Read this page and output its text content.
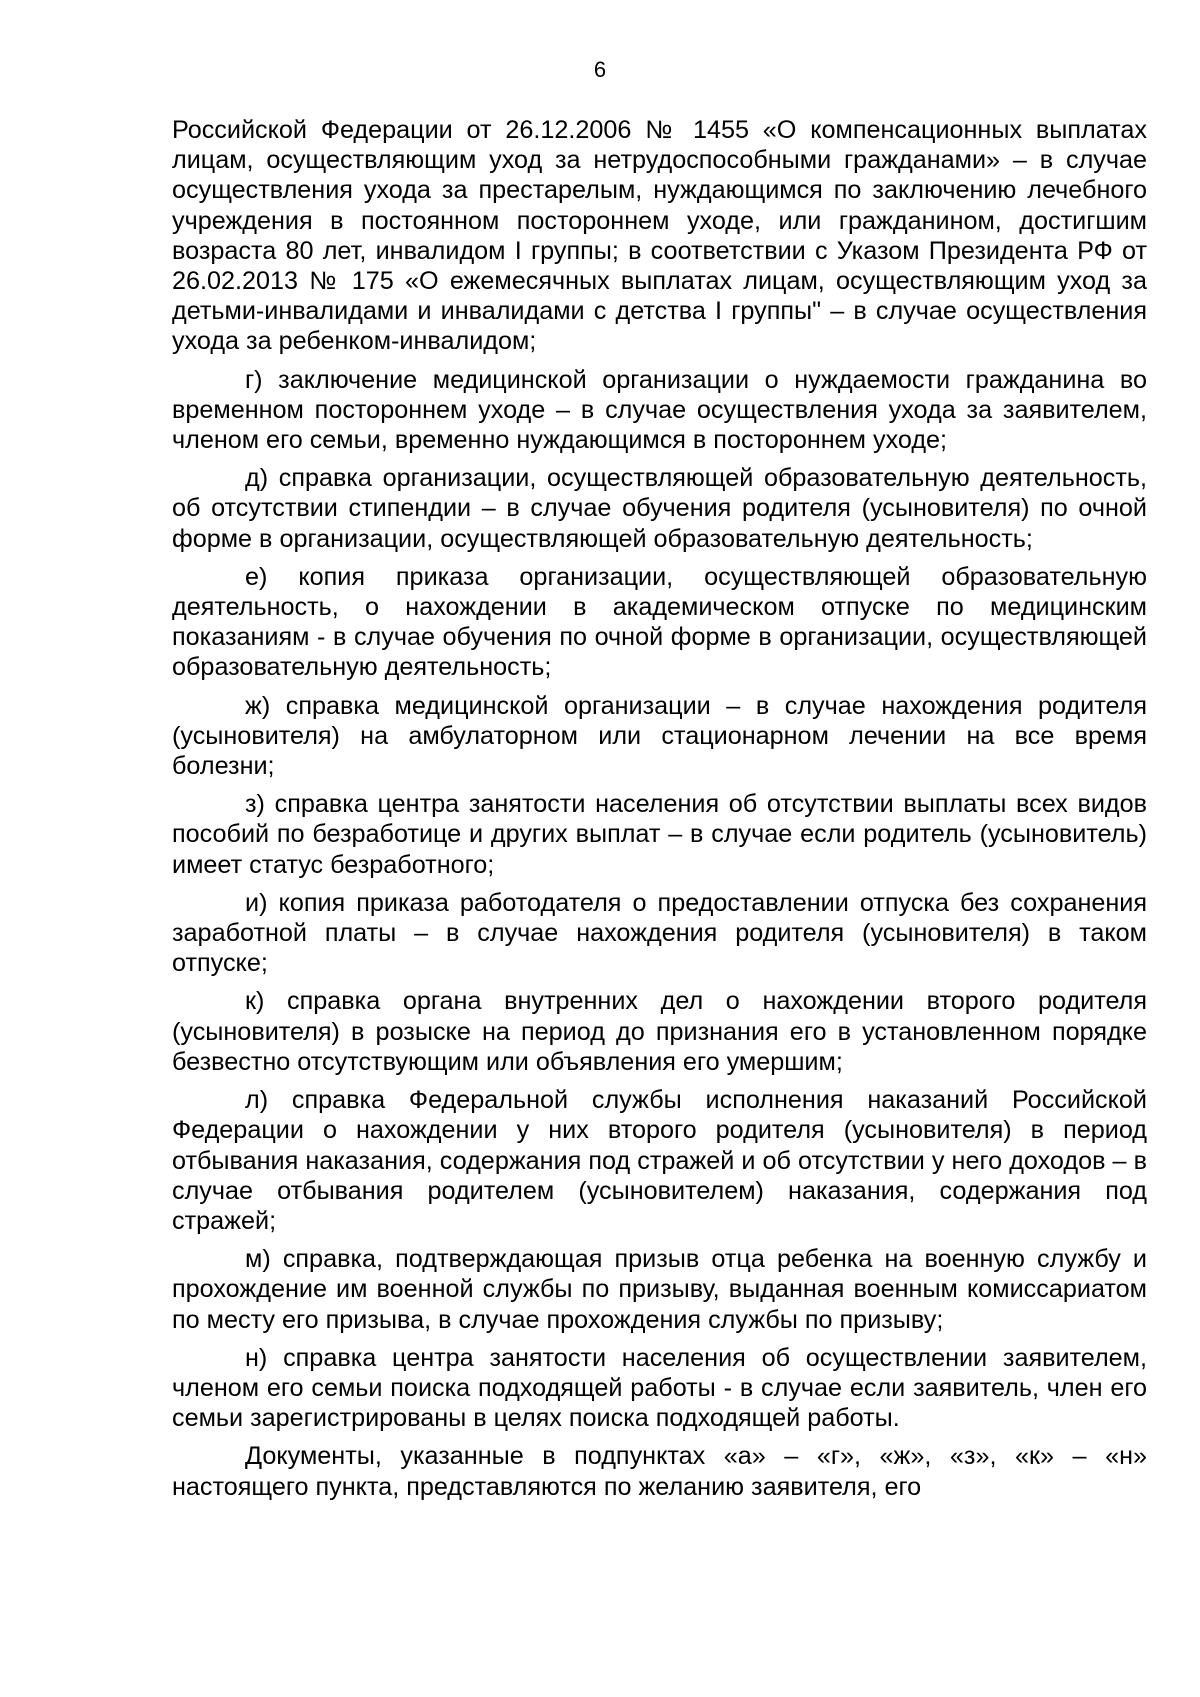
6

Российской Федерации от 26.12.2006 № 1455 «О компенсационных выплатах лицам, осуществляющим уход за нетрудоспособными гражданами» – в случае осуществления ухода за престарелым, нуждающимся по заключению лечебного учреждения в постоянном постороннем уходе, или гражданином, достигшим возраста 80 лет, инвалидом I группы; в соответствии с Указом Президента РФ от 26.02.2013 № 175 «О ежемесячных выплатах лицам, осуществляющим уход за детьми-инвалидами и инвалидами с детства I группы" – в случае осуществления ухода за ребенком-инвалидом;

г) заключение медицинской организации о нуждаемости гражданина во временном постороннем уходе – в случае осуществления ухода за заявителем, членом его семьи, временно нуждающимся в постороннем уходе;

д) справка организации, осуществляющей образовательную деятельность, об отсутствии стипендии – в случае обучения родителя (усыновителя) по очной форме в организации, осуществляющей образовательную деятельность;

е) копия приказа организации, осуществляющей образовательную деятельность, о нахождении в академическом отпуске по медицинским показаниям - в случае обучения по очной форме в организации, осуществляющей образовательную деятельность;

ж) справка медицинской организации – в случае нахождения родителя (усыновителя) на амбулаторном или стационарном лечении на все время болезни;

з) справка центра занятости населения об отсутствии выплаты всех видов пособий по безработице и других выплат – в случае если родитель (усыновитель) имеет статус безработного;

и) копия приказа работодателя о предоставлении отпуска без сохранения заработной платы – в случае нахождения родителя (усыновителя) в таком отпуске;

к) справка органа внутренних дел о нахождении второго родителя (усыновителя) в розыске на период до признания его в установленном порядке безвестно отсутствующим или объявления его умершим;

л) справка Федеральной службы исполнения наказаний Российской Федерации о нахождении у них второго родителя (усыновителя) в период отбывания наказания, содержания под стражей и об отсутствии у него доходов – в случае отбывания родителем (усыновителем) наказания, содержания под стражей;

м) справка, подтверждающая призыв отца ребенка на военную службу и прохождение им военной службы по призыву, выданная военным комиссариатом по месту его призыва, в случае прохождения службы по призыву;

н) справка центра занятости населения об осуществлении заявителем, членом его семьи поиска подходящей работы - в случае если заявитель, член его семьи зарегистрированы в целях поиска подходящей работы.

Документы, указанные в подпунктах «а» – «г», «ж», «з», «к» – «н» настоящего пункта, представляются по желанию заявителя, его
